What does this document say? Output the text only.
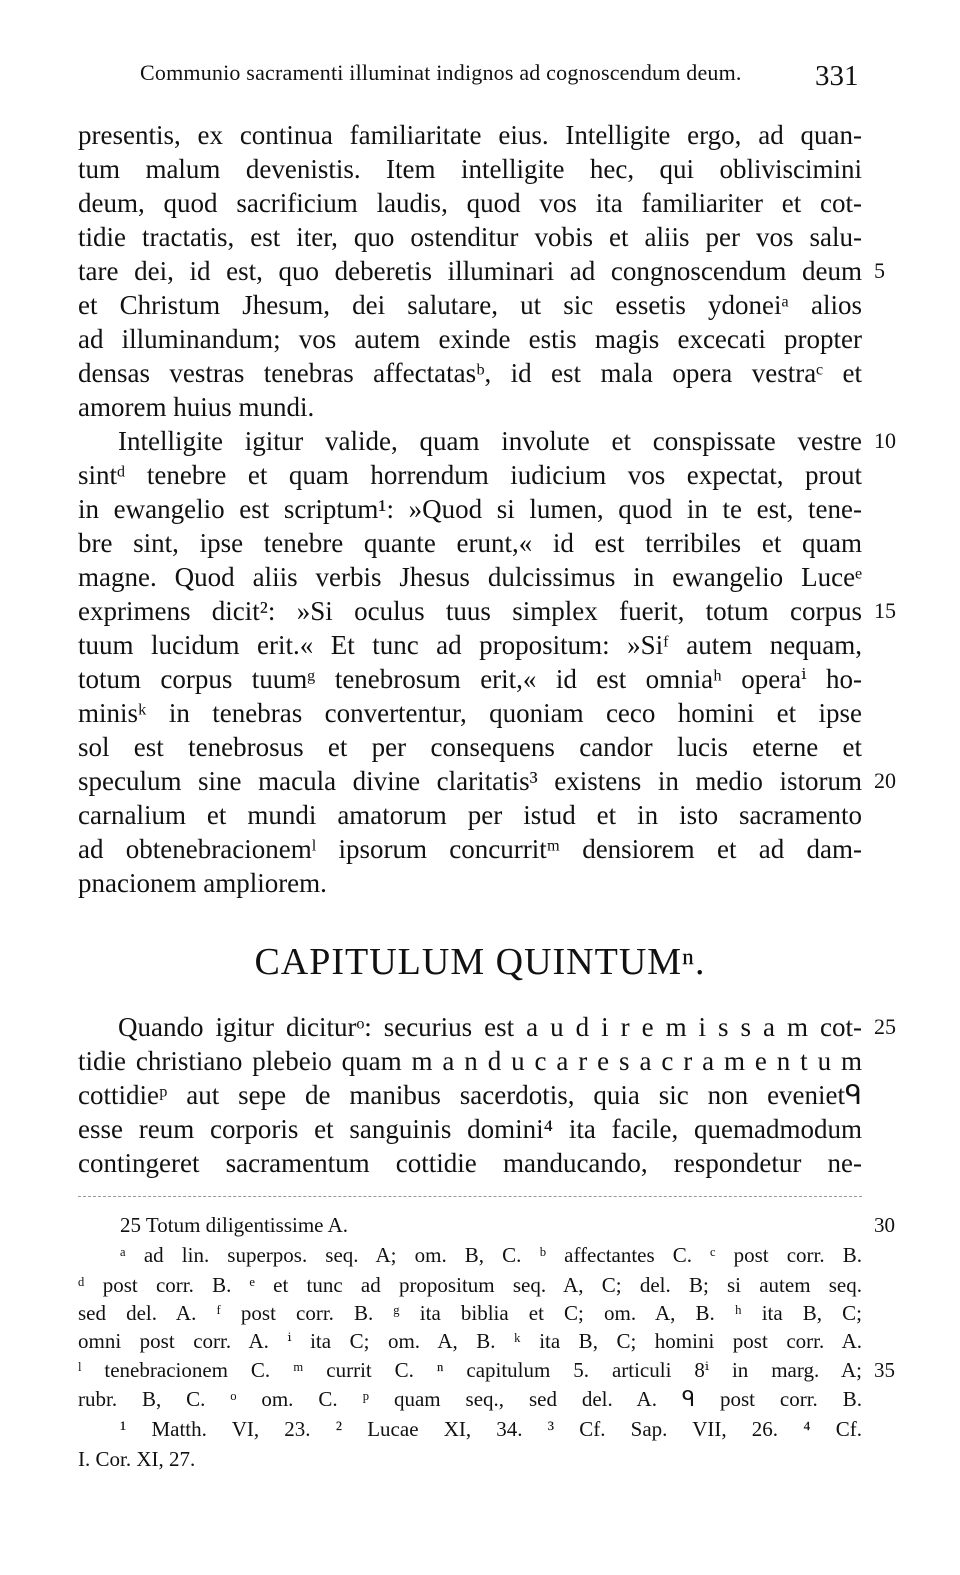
Communio sacramenti illuminat indignos ad cognoscendum deum.	331
presentis, ex continua familiaritate eius. Intelligite ergo, ad quan-
tum malum devenistis. Item intelligite hec, qui obliviscimini
deum, quod sacrificium laudis, quod vos ita familiariter et cot-
tidie tractatis, est iter, quo ostenditur vobis et aliis per vos salu-
tare dei, id est, quo deberetis illuminari ad congnoscendum deum
et Christum Jhesum, dei salutare, ut sic essetis ydoneiᵃ alios
ad illuminandum; vos autem exinde estis magis excecati propter
densas vestras tenebras affectatasᵇ, id est mala opera vestraᶜ et
amorem huius mundi.
Intelligite igitur valide, quam involute et conspissate vestre
sintᵈ tenebre et quam horrendum iudicium vos expectat, prout
in ewangelio est scriptum¹: »Quod si lumen, quod in te est, tene-
bre sint, ipse tenebre quante erunt,« id est terribiles et quam
magne. Quod aliis verbis Jhesus dulcissimus in ewangelio Luceᵉ
exprimens dicit²: »Si oculus tuus simplex fuerit, totum corpus
tuum lucidum erit.« Et tunc ad propositum: »Siᶠ autem nequam,
totum corpus tuumᵍ tenebrosum erit,« id est omniaʰ operaⁱ ho-
minisᵏ in tenebras convertentur, quoniam ceco homini et ipse
sol est tenebrosus et per consequens candor lucis eterne et
speculum sine macula divine claritatis³ existens in medio istorum
carnalium et mundi amatorum per istud et in isto sacramento
ad obtenebracionemˡ ipsorum concurritᵐ densiorem et ad dam-
pnacionem ampliorem.
5
10
15
20
CAPITULUM QUINTUMⁿ.
Quando igitur diciturᵒ: securius est a u d i r e m i s s a m cot-
tidie christiano plebeio quam m a n d u c a r e s a c r a m e n t u m
cottidieᵖ aut sepe de manibus sacerdotis, quia sic non evenietᑫ
esse reum corporis et sanguinis domini⁴ ita facile, quemadmodum
contingeret sacramentum cottidie manducando, respondetur ne-
25
25 Totum diligentissime A.
ᵃ ad lin. superpos. seq. A; om. B, C. ᵇ affectantes C. ᶜ post corr. B.
ᵈ post corr. B. ᵉ et tunc ad propositum seq. A, C; del. B; si autem seq.
sed del. A. ᶠ post corr. B. ᵍ ita biblia et C; om. A, B. ʰ ita B, C;
omni post corr. A. ⁱ ita C; om. A, B. ᵏ ita B, C; homini post corr. A.
ˡ tenebracionem C. ᵐ currit C. ⁿ capitulum 5. articuli 8ⁱ in marg. A;
rubr. B, C. ᵒ om. C. ᵖ quam seq., sed del. A. ᑫ post corr. B.
¹ Matth. VI, 23. ² Lucae XI, 34. ³ Cf. Sap. VII, 26. ⁴ Cf.
I. Cor. XI, 27.
30
35
